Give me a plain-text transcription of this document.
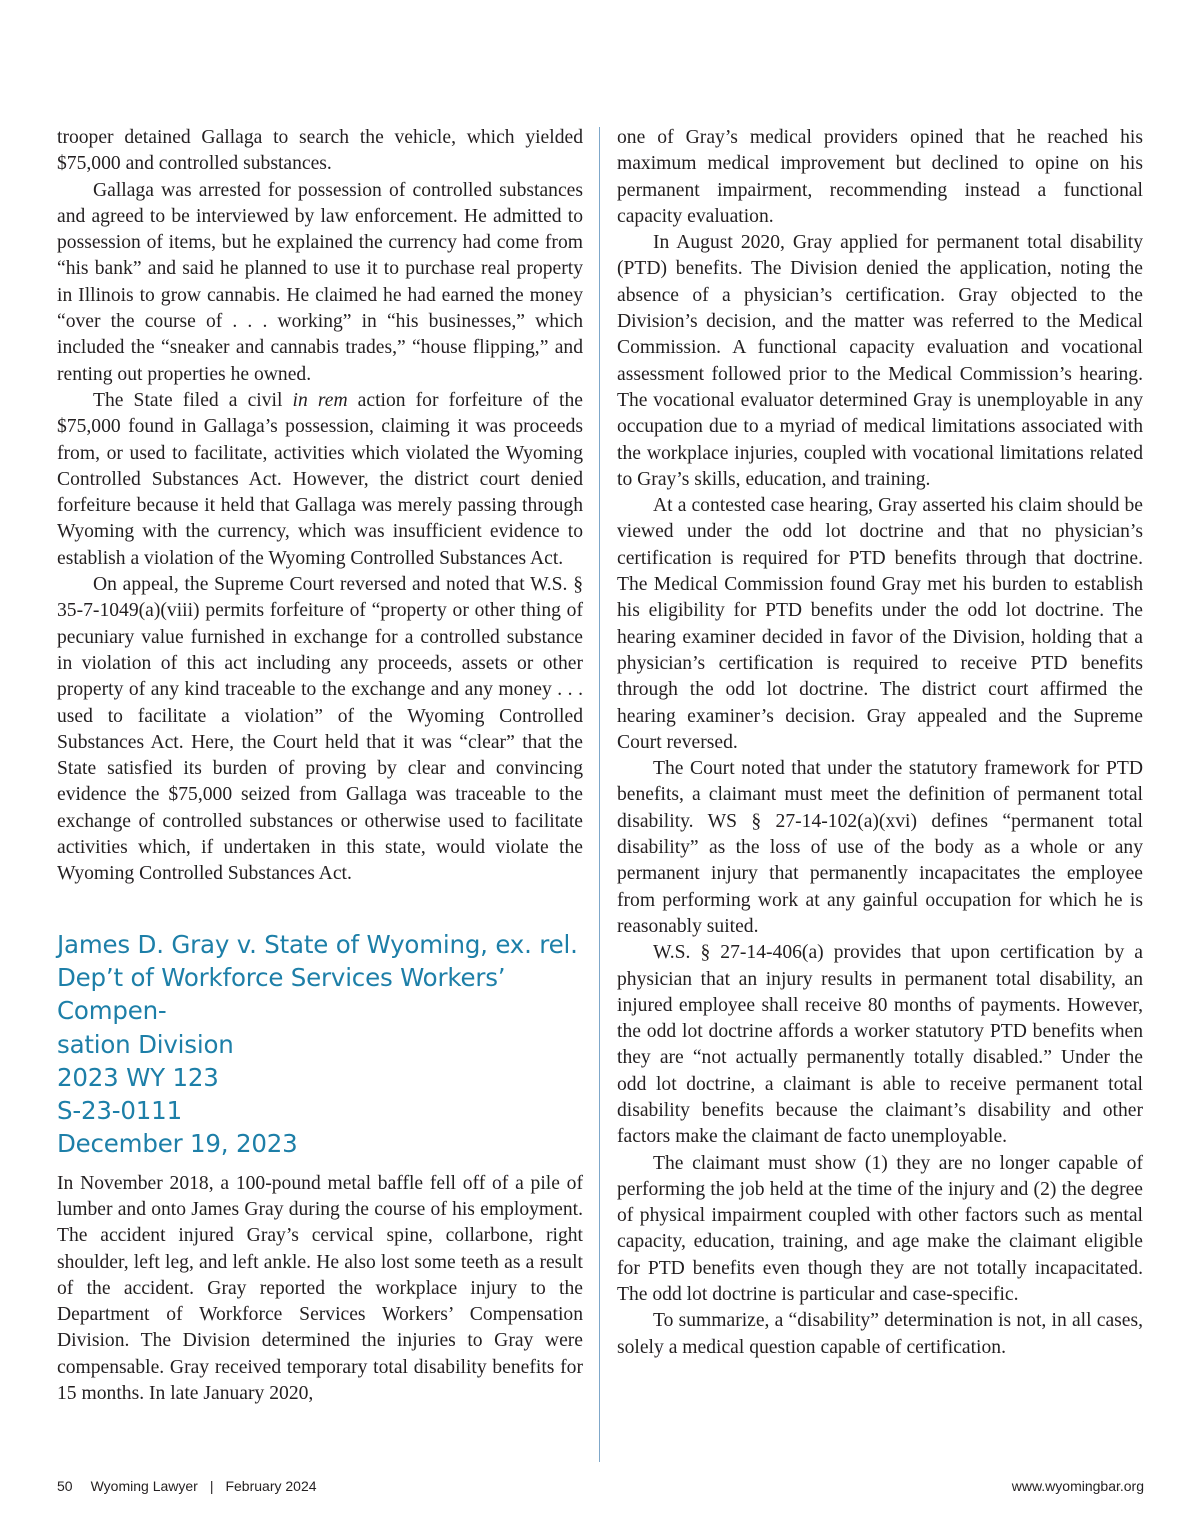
trooper detained Gallaga to search the vehicle, which yielded $75,000 and controlled substances.

Gallaga was arrested for possession of controlled substances and agreed to be interviewed by law enforcement. He admitted to possession of items, but he explained the currency had come from “his bank” and said he planned to use it to purchase real property in Illinois to grow cannabis. He claimed he had earned the money “over the course of . . . working” in “his businesses,” which included the “sneaker and cannabis trades,” “house flipping,” and renting out properties he owned.

The State filed a civil in rem action for forfeiture of the $75,000 found in Gallaga’s possession, claiming it was proceeds from, or used to facilitate, activities which violated the Wyoming Controlled Substances Act. However, the district court denied forfeiture because it held that Gallaga was merely passing through Wyoming with the currency, which was insufficient evidence to establish a violation of the Wyoming Controlled Substances Act.

On appeal, the Supreme Court reversed and noted that W.S. § 35-7-1049(a)(viii) permits forfeiture of “property or other thing of pecuniary value furnished in exchange for a controlled substance in violation of this act including any proceeds, assets or other property of any kind traceable to the exchange and any money . . . used to facilitate a violation” of the Wyoming Controlled Substances Act. Here, the Court held that it was “clear” that the State satisfied its burden of proving by clear and convincing evidence the $75,000 seized from Gallaga was traceable to the exchange of controlled substances or otherwise used to facilitate activities which, if undertaken in this state, would violate the Wyoming Controlled Substances Act.

James D. Gray v. State of Wyoming, ex. rel.
Dep’t of Workforce Services Workers’ Compen-
sation Division
2023 WY 123
S-23-0111
December 19, 2023

In November 2018, a 100-pound metal baffle fell off of a pile of lumber and onto James Gray during the course of his employment. The accident injured Gray’s cervical spine, collarbone, right shoulder, left leg, and left ankle. He also lost some teeth as a result of the accident. Gray reported the workplace injury to the Department of Workforce Services Workers’ Compensation Division. The Division determined the injuries to Gray were compensable. Gray received temporary total disability benefits for 15 months. In late January 2020,

one of Gray’s medical providers opined that he reached his maximum medical improvement but declined to opine on his permanent impairment, recommending instead a functional capacity evaluation.

In August 2020, Gray applied for permanent total disability (PTD) benefits. The Division denied the application, noting the absence of a physician’s certification. Gray objected to the Division’s decision, and the matter was referred to the Medical Commission. A functional capacity evaluation and vocational assessment followed prior to the Medical Commission’s hearing. The vocational evaluator determined Gray is unemployable in any occupation due to a myriad of medical limitations associated with the workplace injuries, coupled with vocational limitations related to Gray’s skills, education, and training.

At a contested case hearing, Gray asserted his claim should be viewed under the odd lot doctrine and that no physician’s certification is required for PTD benefits through that doctrine. The Medical Commission found Gray met his burden to establish his eligibility for PTD benefits under the odd lot doctrine. The hearing examiner decided in favor of the Division, holding that a physician’s certification is required to receive PTD benefits through the odd lot doctrine. The district court affirmed the hearing examiner’s decision. Gray appealed and the Supreme Court reversed.

The Court noted that under the statutory framework for PTD benefits, a claimant must meet the definition of permanent total disability. WS § 27-14-102(a)(xvi) defines “permanent total disability” as the loss of use of the body as a whole or any permanent injury that permanently incapacitates the employee from performing work at any gainful occupation for which he is reasonably suited.

W.S. § 27-14-406(a) provides that upon certification by a physician that an injury results in permanent total disability, an injured employee shall receive 80 months of payments. However, the odd lot doctrine affords a worker statutory PTD benefits when they are “not actually permanently totally disabled.” Under the odd lot doctrine, a claimant is able to receive permanent total disability benefits because the claimant’s disability and other factors make the claimant de facto unemployable.

The claimant must show (1) they are no longer capable of performing the job held at the time of the injury and (2) the degree of physical impairment coupled with other factors such as mental capacity, education, training, and age make the claimant eligible for PTD benefits even though they are not totally incapacitated. The odd lot doctrine is particular and case-specific.

To summarize, a “disability” determination is not, in all cases, solely a medical question capable of certification.

50 Wyoming Lawyer | February 2024	www.wyomingbar.org
